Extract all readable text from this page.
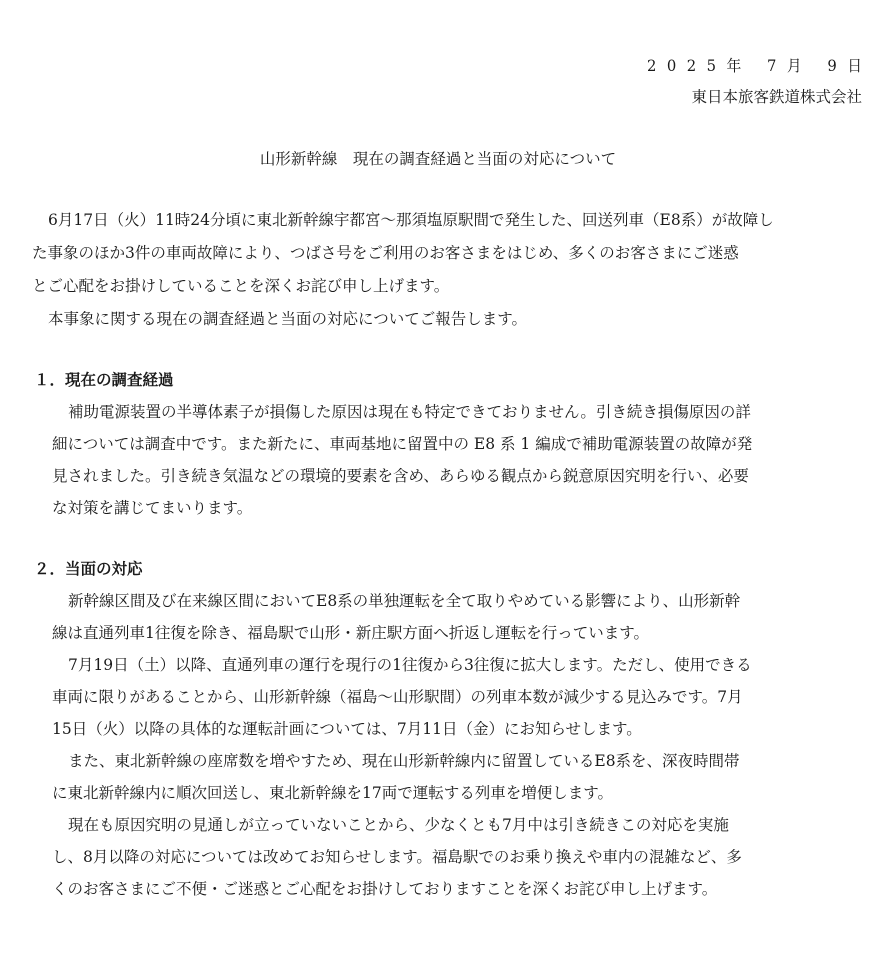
2025年 7月 9日
東日本旅客鉄道株式会社
山形新幹線　現在の調査経過と当面の対応について
6月17日（火）11時24分頃に東北新幹線宇都宮～那須塩原駅間で発生した、回送列車（E8系）が故障し
た事象のほか3件の車両故障により、つばさ号をご利用のお客さまをはじめ、多くのお客さまにご迷惑
とご心配をお掛けしていることを深くお詫び申し上げます。
本事象に関する現在の調査経過と当面の対応についてご報告します。
１．現在の調査経過
補助電源装置の半導体素子が損傷した原因は現在も特定できておりません。引き続き損傷原因の詳
細については調査中です。また新たに、車両基地に留置中の E8 系 1 編成で補助電源装置の故障が発
見されました。引き続き気温などの環境的要素を含め、あらゆる観点から鋭意原因究明を行い、必要
な対策を講じてまいります。
２．当面の対応
新幹線区間及び在来線区間においてE8系の単独運転を全て取りやめている影響により、山形新幹
線は直通列車1往復を除き、福島駅で山形・新庄駅方面へ折返し運転を行っています。
7月19日（土）以降、直通列車の運行を現行の1往復から3往復に拡大します。ただし、使用できる
車両に限りがあることから、山形新幹線（福島～山形駅間）の列車本数が減少する見込みです。7月
15日（火）以降の具体的な運転計画については、7月11日（金）にお知らせします。
また、東北新幹線の座席数を増やすため、現在山形新幹線内に留置しているE8系を、深夜時間帯
に東北新幹線内に順次回送し、東北新幹線を17両で運転する列車を増便します。
現在も原因究明の見通しが立っていないことから、少なくとも7月中は引き続きこの対応を実施
し、8月以降の対応については改めてお知らせします。福島駅でのお乗り換えや車内の混雑など、多
くのお客さまにご不便・ご迷惑とご心配をお掛けしておりますことを深くお詫び申し上げます。
